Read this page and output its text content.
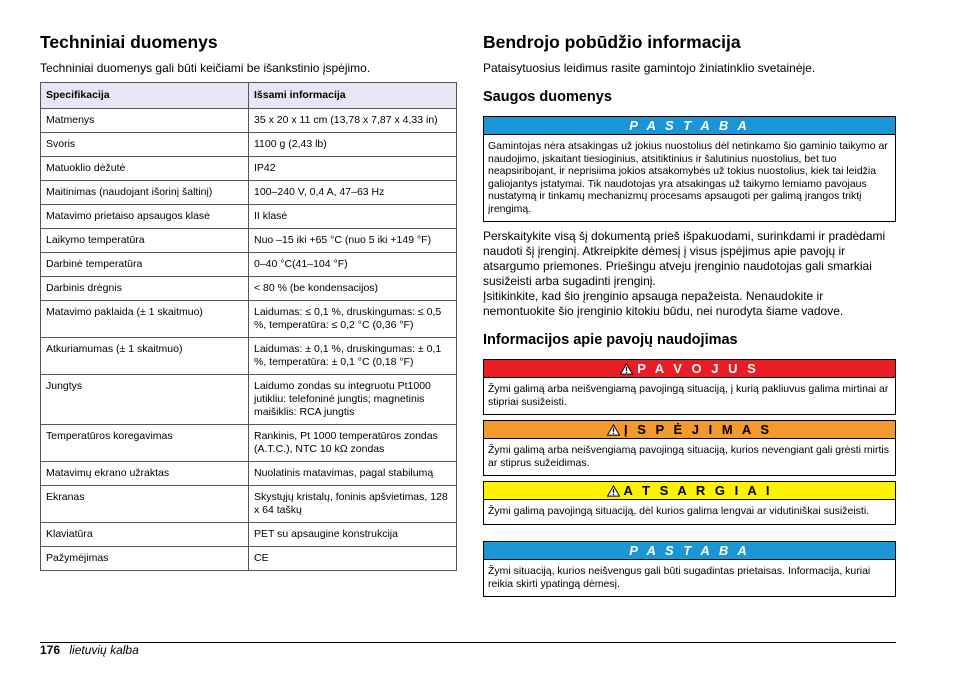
Techniniai duomenys

Techniniai duomenys gali būti keičiami be išankstinio įspėjimo.

Specifikacija	Išsami informacija
Matmenys	35 x 20 x 11 cm (13,78 x 7,87 x 4,33 in)
Svoris	1100 g (2,43 lb)
Matuoklio dėžutė	IP42
Maitinimas (naudojant išorinį šaltinį)	100–240 V, 0,4 A, 47–63 Hz
Matavimo prietaiso apsaugos klasė	II klasė
Laikymo temperatūra	Nuo –15 iki +65 °C (nuo 5 iki +149 °F)
Darbinė temperatūra	0–40 °C(41–104 °F)
Darbinis drėgnis	< 80 % (be kondensacijos)
Matavimo paklaida (± 1 skaitmuo)	Laidumas: ≤ 0,1 %, druskingumas: ≤ 0,5 %, temperatūra: ≤ 0,2 °C (0,36 °F)
Atkuriamumas (± 1 skaitmuo)	Laidumas: ± 0,1 %, druskingumas: ± 0,1 %, temperatūra: ± 0,1 °C (0,18 °F)
Jungtys	Laidumo zondas su integruotu Pt1000 jutikliu: telefoninė jungtis; magnetinis maišiklis: RCA jungtis
Temperatūros koregavimas	Rankinis, Pt 1000 temperatūros zondas (A.T.C.), NTC 10 kΩ zondas
Matavimų ekrano užraktas	Nuolatinis matavimas, pagal stabilumą
Ekranas	Skystųjų kristalų, foninis apšvietimas, 128 x 64 taškų
Klaviatūra	PET su apsaugine konstrukcija
Pažymėjimas	CE
Bendrojo pobūdžio informacija

Pataisytuosius leidimus rasite gamintojo žiniatinklio svetainėje.

Saugos duomenys
P A S T A B A
Gamintojas nėra atsakingas už jokius nuostolius dėl netinkamo šio gaminio taikymo ar naudojimo, įskaitant tiesioginius, atsitiktinius ir šalutinius nuostolius, bet tuo neapsiribojant, ir neprisiima jokios atsakomybės už tokius nuostolius, kiek tai leidžia galiojantys įstatymai. Tik naudotojas yra atsakingas už taikymo lemiamo pavojaus nustatymą ir tinkamų mechanizmų procesams apsaugoti per galimą įrangos triktį įrengimą.

Perskaitykite visą šį dokumentą prieš išpakuodami, surinkdami ir pradėdami naudoti šį įrenginį. Atkreipkite dėmesį į visus įspėjimus apie pavojų ir atsargumo priemones. Priešingu atveju įrenginio naudotojas gali smarkiai susižeisti arba sugadinti įrenginį.

Įsitikinkite, kad šio įrenginio apsauga nepažeista. Nenaudokite ir nemontuokite šio įrenginio kitokiu būdu, nei nurodyta šiame vadove.

Informacijos apie pavojų naudojimas
P A V O J U S
Žymi galimą arba neišvengiamą pavojingą situaciją, į kurią pakliuvus galima mirtinai ar stipriai susižeisti.
Į S P Ė J I M A S
Žymi galimą arba neišvengiamą pavojingą situaciją, kurios nevengiant gali grėsti mirtis ar stiprus sužeidimas.
A T S A R G I A I
Žymi galimą pavojingą situaciją, dėl kurios galima lengvai ar vidutiniškai susižeisti.
P A S T A B A
Žymi situaciją, kurios neišvengus gali būti sugadintas prietaisas. Informacija, kuriai reikia skirti ypatingą dėmesį.
176 lietuvių kalba
